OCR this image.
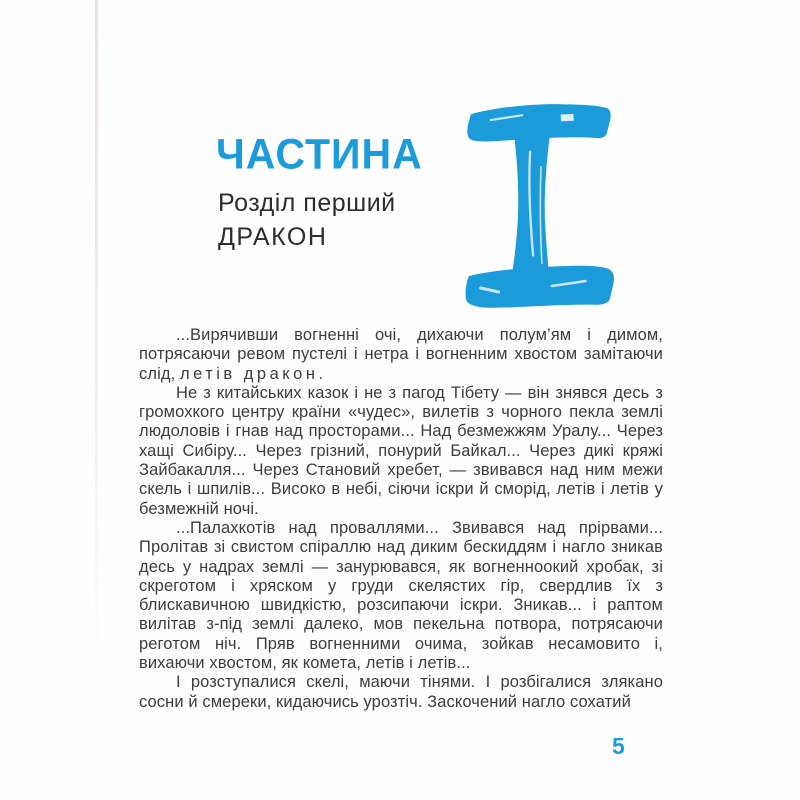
ЧАСТИНА
Розділ перший
ДРАКОН

...Вирячивши вогненні очі, дихаючи полум’ям і димом, потрясаючи ревом пустелі і нетра і вогненним хвостом замітаючи слід, летів дракон.

Не з китайських казок і не з пагод Тібету — він знявся десь з громохкого центру країни «чудес», вилетів з чорного пекла землі людоловів і гнав над просторами... Над безмежжям Уралу... Через хащі Сибіру... Через грізний, понурий Байкал... Через дикі кряжі Зайбакалля... Через Становий хребет, — звивався над ним межи скель і шпилів... Високо в небі, сіючи іскри й сморід, летів і летів у безмежній ночі.

...Палахкотів над проваллями... Звивався над прірвами... Пролітав зі свистом спіраллю над диким бескиддям і нагло зникав десь у надрах землі — занурювався, як вогненноокий хробак, зі скреготом і хряском у груди скелястих гір, свердлив їх з блискавичною швидкістю, розсипаючи іскри. Зникав... і раптом вилітав з-під землі далеко, мов пекельна потвора, потрясаючи реготом ніч. Пряв вогненними очима, зойкав несамовито і, вихаючи хвостом, як комета, летів і летів...

І розступалися скелі, маючи тінями. І розбігалися злякано сосни й смереки, кидаючись урозтіч. Заскочений нагло сохатий

5
